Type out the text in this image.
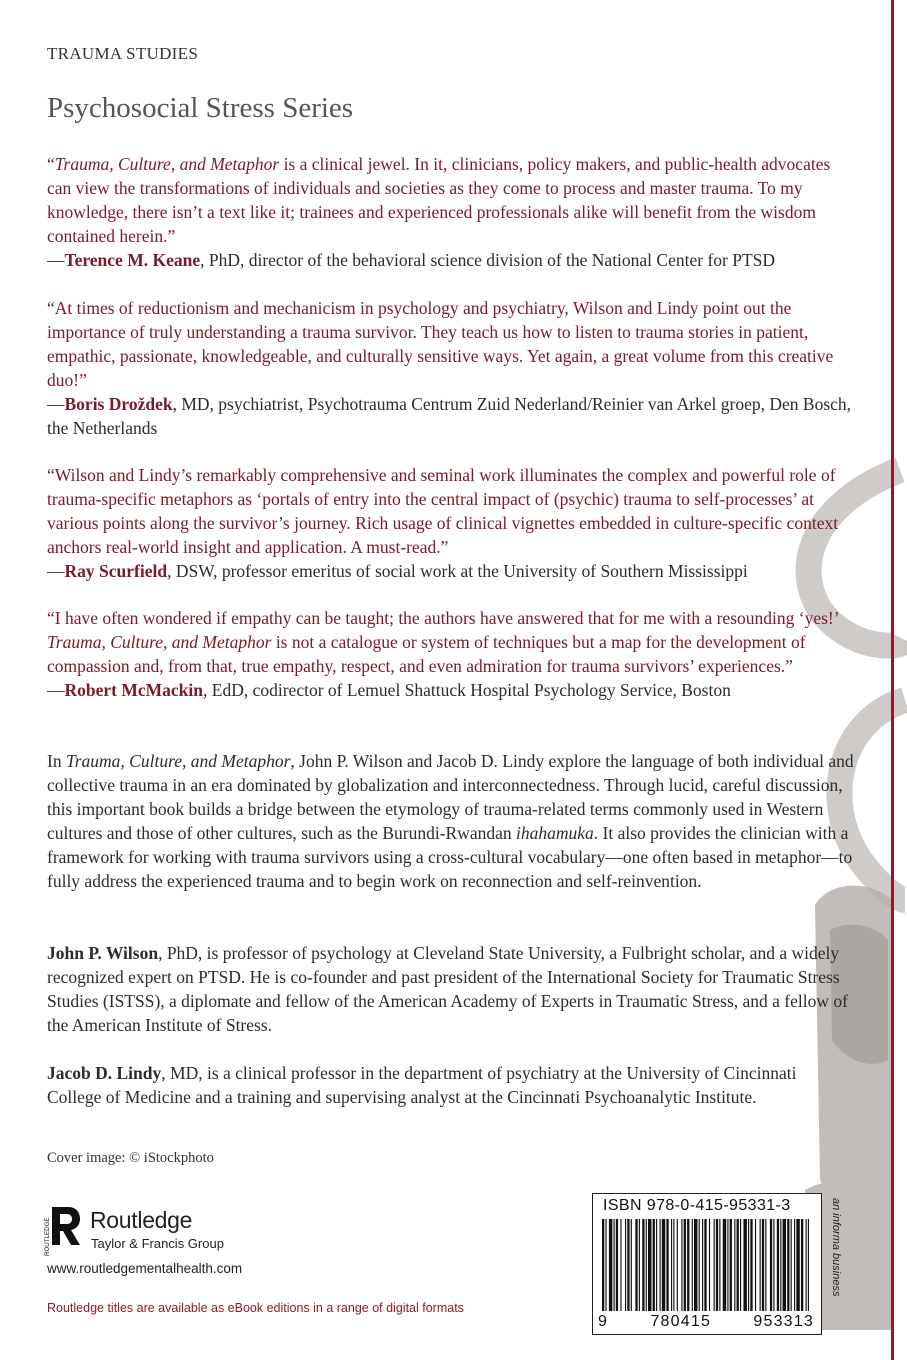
TRAUMA STUDIES
Psychosocial Stress Series
“Trauma, Culture, and Metaphor is a clinical jewel. In it, clinicians, policy makers, and public-health advocates can view the transformations of individuals and societies as they come to process and master trauma. To my knowledge, there isn’t a text like it; trainees and experienced professionals alike will benefit from the wisdom contained herein.”
—Terence M. Keane, PhD, director of the behavioral science division of the National Center for PTSD
“At times of reductionism and mechanicism in psychology and psychiatry, Wilson and Lindy point out the importance of truly understanding a trauma survivor. They teach us how to listen to trauma stories in patient, empathic, passionate, knowledgeable, and culturally sensitive ways. Yet again, a great volume from this creative duo!”
—Boris Droždek, MD, psychiatrist, Psychotrauma Centrum Zuid Nederland/Reinier van Arkel groep, Den Bosch, the Netherlands
“Wilson and Lindy’s remarkably comprehensive and seminal work illuminates the complex and powerful role of trauma-specific metaphors as ‘portals of entry into the central impact of (psychic) trauma to self-processes’ at various points along the survivor’s journey. Rich usage of clinical vignettes embedded in culture-specific context anchors real-world insight and application. A must-read.”
—Ray Scurfield, DSW, professor emeritus of social work at the University of Southern Mississippi
“I have often wondered if empathy can be taught; the authors have answered that for me with a resounding ‘yes!’ Trauma, Culture, and Metaphor is not a catalogue or system of techniques but a map for the development of compassion and, from that, true empathy, respect, and even admiration for trauma survivors’ experiences.”
—Robert McMackin, EdD, codirector of Lemuel Shattuck Hospital Psychology Service, Boston
In Trauma, Culture, and Metaphor, John P. Wilson and Jacob D. Lindy explore the language of both individual and collective trauma in an era dominated by globalization and interconnectedness. Through lucid, careful discussion, this important book builds a bridge between the etymology of trauma-related terms commonly used in Western cultures and those of other cultures, such as the Burundi-Rwandan ihahamuka. It also provides the clinician with a framework for working with trauma survivors using a cross-cultural vocabulary—one often based in metaphor—to fully address the experienced trauma and to begin work on reconnection and self-reinvention.
John P. Wilson, PhD, is professor of psychology at Cleveland State University, a Fulbright scholar, and a widely recognized expert on PTSD. He is co-founder and past president of the International Society for Traumatic Stress Studies (ISTSS), a diplomate and fellow of the American Academy of Experts in Traumatic Stress, and a fellow of the American Institute of Stress.
Jacob D. Lindy, MD, is a clinical professor in the department of psychiatry at the University of Cincinnati College of Medicine and a training and supervising analyst at the Cincinnati Psychoanalytic Institute.
Cover image: © iStockphoto
ROUTLEDGE Routledge
Taylor & Francis Group
www.routledgementalhealth.com
Routledge titles are available as eBook editions in a range of digital formats
ISBN 978-0-415-95331-3
9	780415	953313
an informa business
